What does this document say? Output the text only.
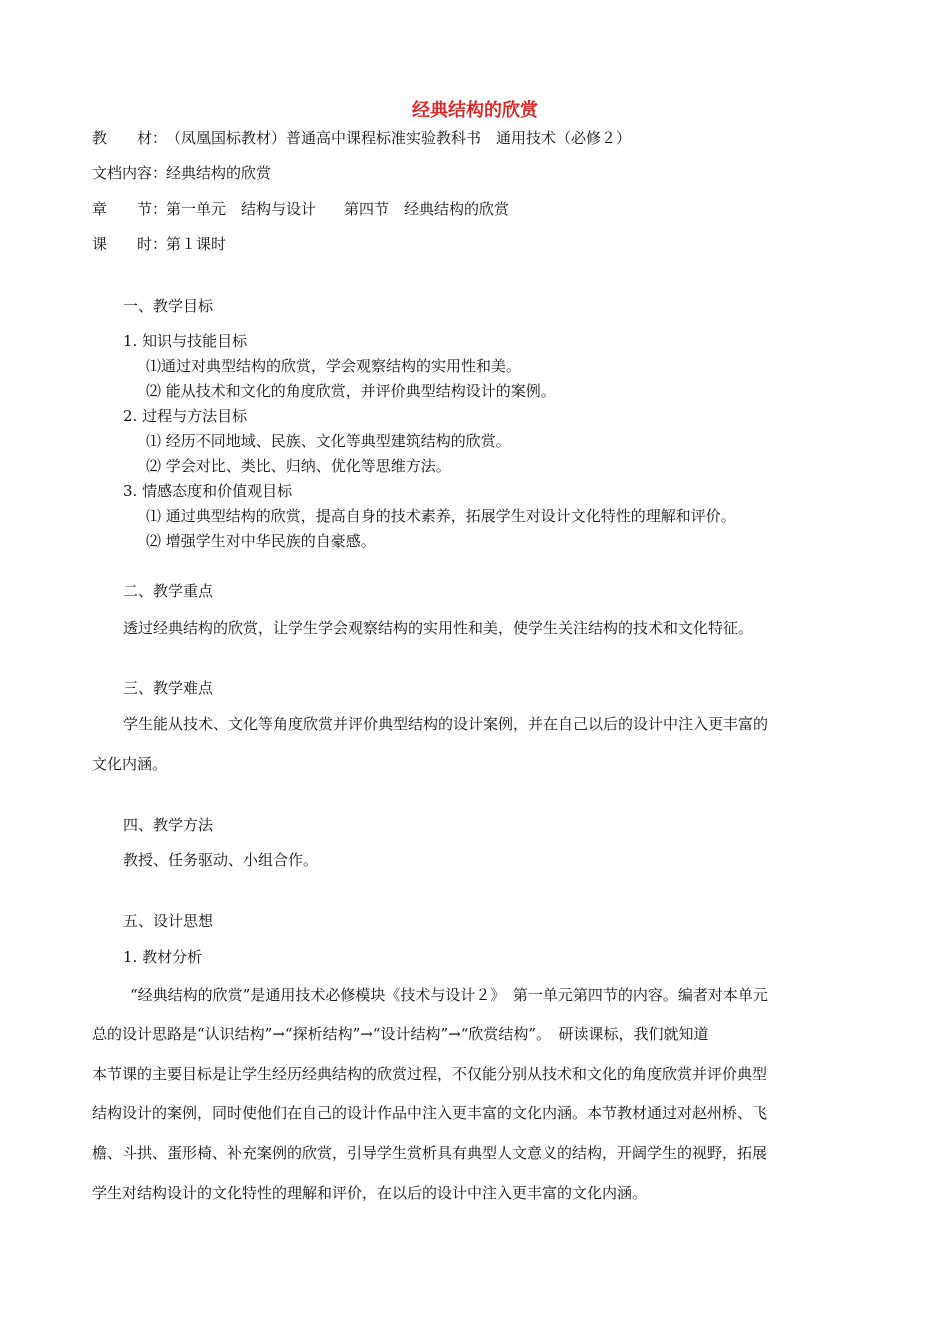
经典结构的欣赏
教　　材：（凤凰国标教材）普通高中课程标准实验教科书　通用技术（必修２）
文档内容：经典结构的欣赏
章　　节：第一单元　结构与设计 第四节　经典结构的欣赏
课　　时：第１课时
一、教学目标
1. 知识与技能目标
⑴通过对典型结构的欣赏，学会观察结构的实用性和美。
⑵ 能从技术和文化的角度欣赏，并评价典型结构设计的案例。
2. 过程与方法目标
⑴ 经历不同地域、民族、文化等典型建筑结构的欣赏。
⑵ 学会对比、类比、归纳、优化等思维方法。
3. 情感态度和价值观目标
⑴ 通过典型结构的欣赏，提高自身的技术素养，拓展学生对设计文化特性的理解和评价。
⑵ 增强学生对中华民族的自豪感。
二、教学重点
透过经典结构的欣赏，让学生学会观察结构的实用性和美，使学生关注结构的技术和文化特征。
三、教学难点
学生能从技术、文化等角度欣赏并评价典型结构的设计案例，并在自己以后的设计中注入更丰富的
文化内涵。
四、教学方法
教授、任务驱动、小组合作。
五、设计思想
1. 教材分析
“经典结构的欣赏”是通用技术必修模块《技术与设计２》　第一单元第四节的内容。编者对本单元
总的设计思路是“认识结构”→“探析结构”→“设计结构”→“欣赏结构”。　研读课标，我们就知道
本节课的主要目标是让学生经历经典结构的欣赏过程，不仅能分别从技术和文化的角度欣赏并评价典型
结构设计的案例，同时使他们在自己的设计作品中注入更丰富的文化内涵。本节教材通过对赵州桥、飞
檐、斗拱、蛋形椅、补充案例的欣赏，引导学生赏析具有典型人文意义的结构，开阔学生的视野，拓展
学生对结构设计的文化特性的理解和评价，在以后的设计中注入更丰富的文化内涵。
